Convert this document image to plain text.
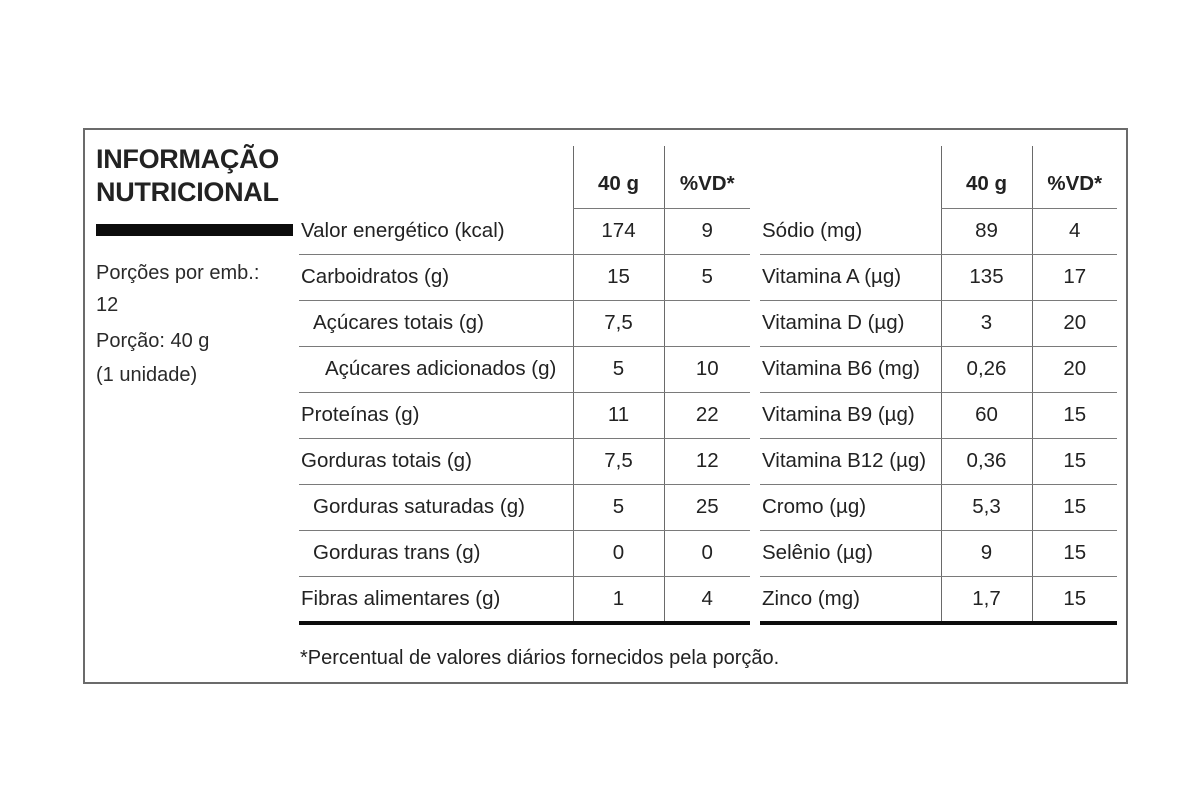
INFORMAÇÃO
NUTRICIONAL
Porções por emb.:
12
Porção: 40 g
(1 unidade)
	40 g	%VD*
Valor energético (kcal)	174	9
Carboidratos (g)	15	5
Açúcares totais (g)	7,5	
Açúcares adicionados (g)	5	10
Proteínas (g)	11	22
Gorduras totais (g)	7,5	12
Gorduras saturadas (g)	5	25
Gorduras trans (g)	0	0
Fibras alimentares (g)	1	4
	40 g	%VD*
Sódio (mg)	89	4
Vitamina A (µg)	135	17
Vitamina D (µg)	3	20
Vitamina B6 (mg)	0,26	20
Vitamina B9 (µg)	60	15
Vitamina B12 (µg)	0,36	15
Cromo (µg)	5,3	15
Selênio (µg)	9	15
Zinco (mg)	1,7	15
*Percentual de valores diários fornecidos pela porção.
